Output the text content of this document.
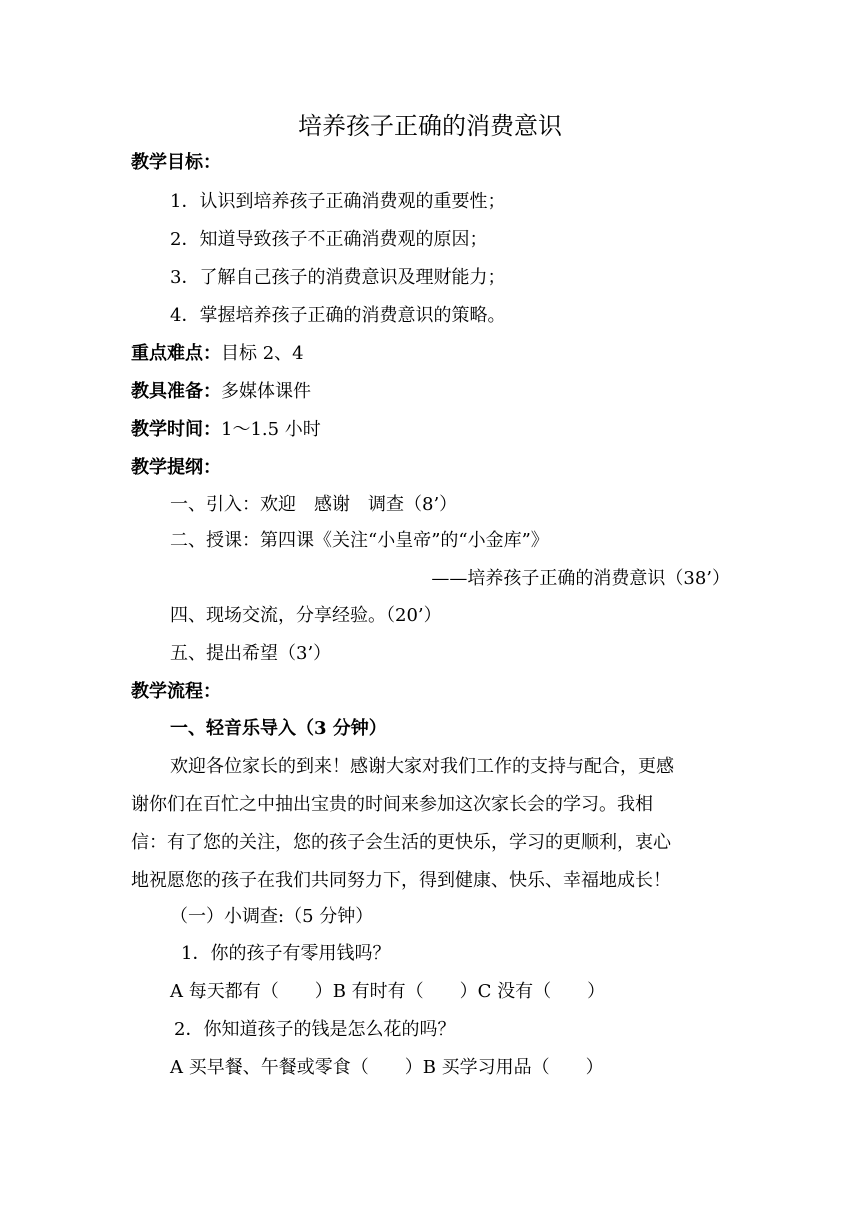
培养孩子正确的消费意识
教学目标：
1．认识到培养孩子正确消费观的重要性；
2．知道导致孩子不正确消费观的原因；
3．了解自己孩子的消费意识及理财能力；
4．掌握培养孩子正确的消费意识的策略。
重点难点：目标 2、4
教具准备：多媒体课件
教学时间：1～1.5 小时
教学提纲：
一、引入：欢迎　感谢　调查（8’）
二、授课：第四课《关注“小皇帝”的“小金库”》
——培养孩子正确的消费意识（38’）
四、现场交流，分享经验。（20’）
五、提出希望（3’）
教学流程：
一、轻音乐导入（3 分钟）
欢迎各位家长的到来！感谢大家对我们工作的支持与配合，更感
谢你们在百忙之中抽出宝贵的时间来参加这次家长会的学习。我相
信：有了您的关注，您的孩子会生活的更快乐，学习的更顺利，衷心
地祝愿您的孩子在我们共同努力下，得到健康、快乐、幸福地成长！
（一）小调查:（5 分钟）
1．你的孩子有零用钱吗？
A 每天都有（　　）B 有时有（　　）C 没有（　　）
2．你知道孩子的钱是怎么花的吗？
A 买早餐、午餐或零食（　　）B 买学习用品（　　）
